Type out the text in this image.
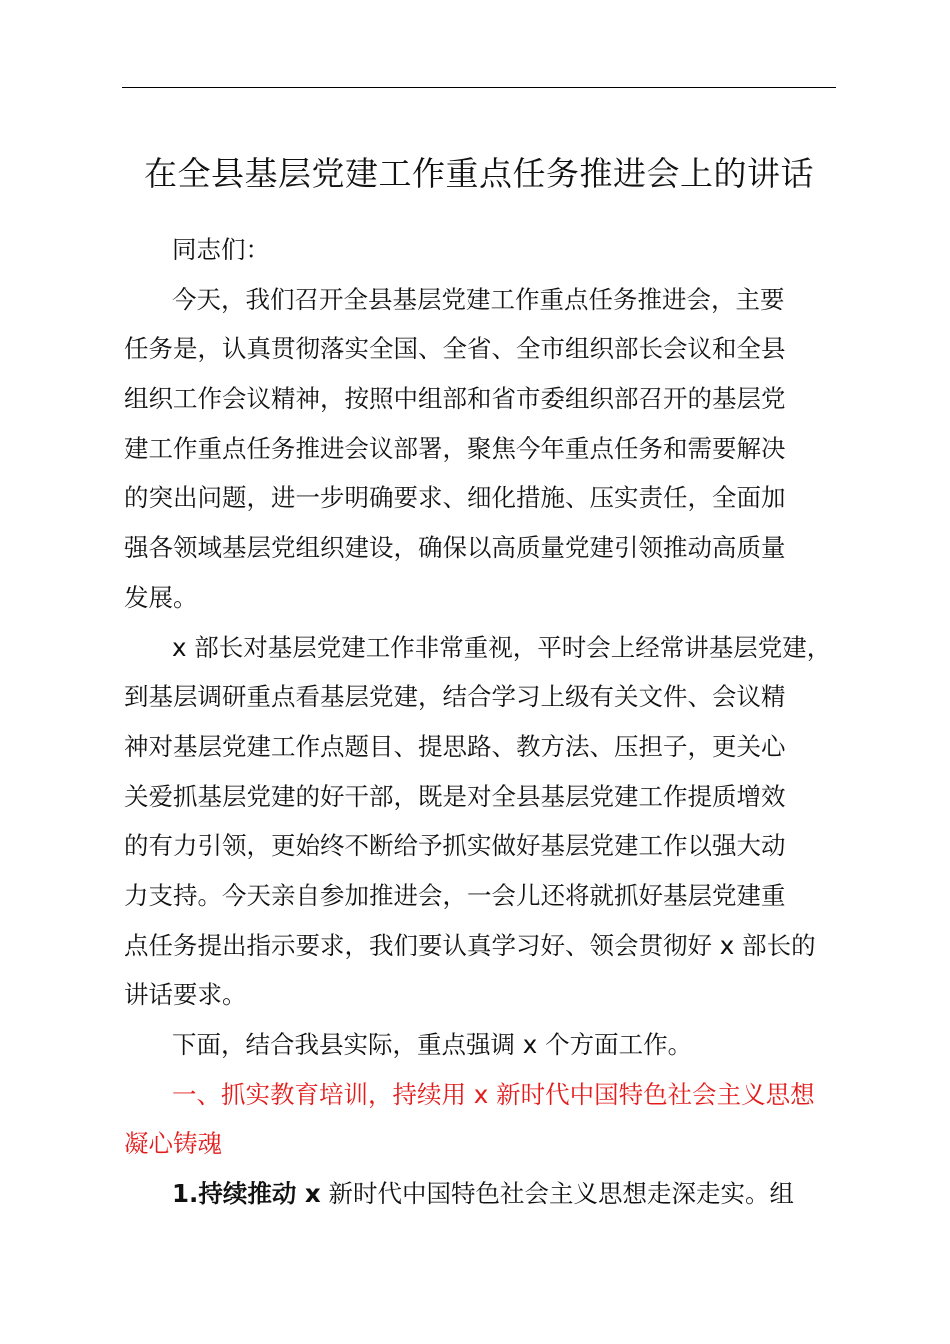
在全县基层党建工作重点任务推进会上的讲话

同志们：

今天，我们召开全县基层党建工作重点任务推进会，主要

任务是，认真贯彻落实全国、全省、全市组织部长会议和全县

组织工作会议精神，按照中组部和省市委组织部召开的基层党

建工作重点任务推进会议部署，聚焦今年重点任务和需要解决

的突出问题，进一步明确要求、细化措施、压实责任，全面加

强各领域基层党组织建设，确保以高质量党建引领推动高质量

发展。

x 部长对基层党建工作非常重视，平时会上经常讲基层党建，

到基层调研重点看基层党建，结合学习上级有关文件、会议精

神对基层党建工作点题目、提思路、教方法、压担子，更关心

关爱抓基层党建的好干部，既是对全县基层党建工作提质增效

的有力引领，更始终不断给予抓实做好基层党建工作以强大动

力支持。今天亲自参加推进会，一会儿还将就抓好基层党建重

点任务提出指示要求，我们要认真学习好、领会贯彻好 x 部长的

讲话要求。

下面，结合我县实际，重点强调 x 个方面工作。

一、抓实教育培训，持续用 x 新时代中国特色社会主义思想

凝心铸魂

1.持续推动 x 新时代中国特色社会主义思想走深走实。组
